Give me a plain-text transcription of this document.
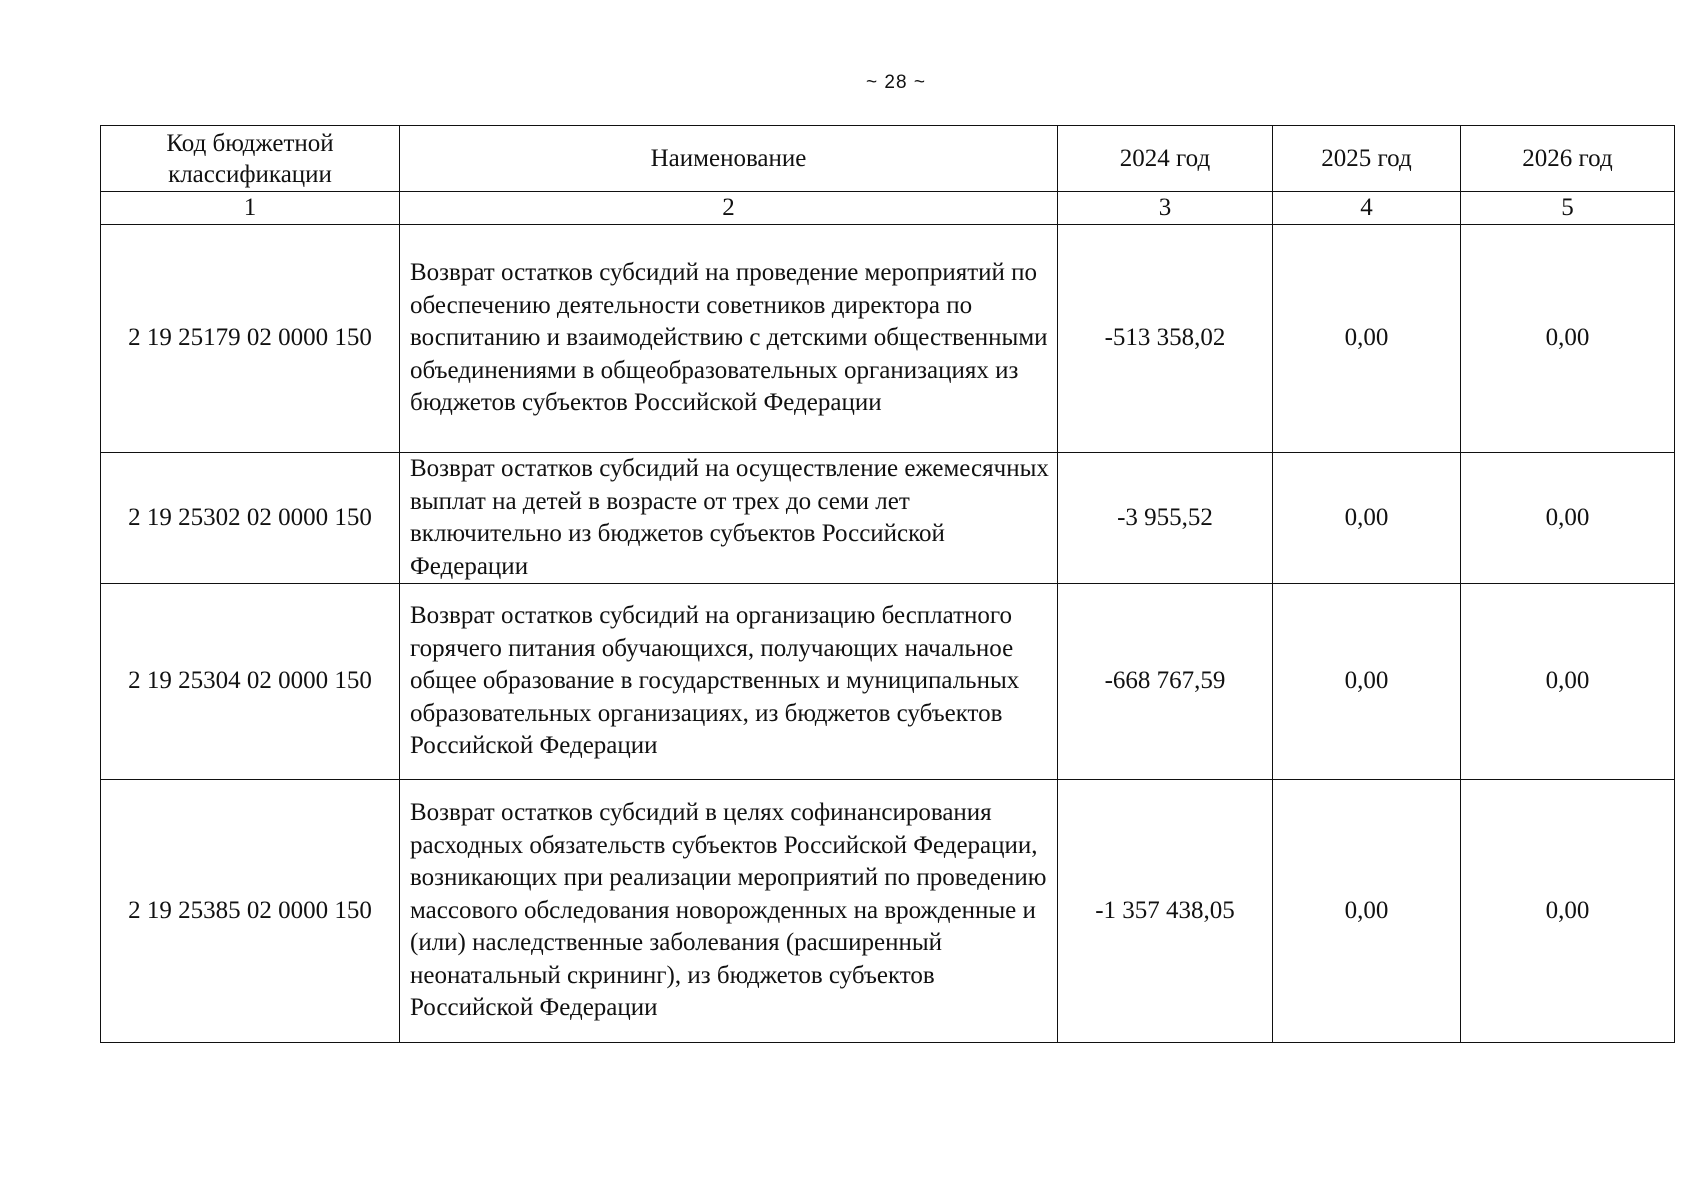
~ 28 ~
Код бюджетной классификации	Наименование	2024 год	2025 год	2026 год
1	2	3	4	5
2 19 25179 02 0000 150	Возврат остатков субсидий на проведение мероприятий по обеспечению деятельности советников директора по воспитанию и взаимодействию с детскими общественными объединениями в общеобразовательных организациях из бюджетов субъектов Российской Федерации	-513 358,02	0,00	0,00
2 19 25302 02 0000 150	Возврат остатков субсидий на осуществление ежемесячных выплат на детей в возрасте от трех до семи лет включительно из бюджетов субъектов Российской Федерации	-3 955,52	0,00	0,00
2 19 25304 02 0000 150	Возврат остатков субсидий на организацию бесплатного горячего питания обучающихся, получающих начальное общее образование в государственных и муниципальных образовательных организациях, из бюджетов субъектов Российской Федерации	-668 767,59	0,00	0,00
2 19 25385 02 0000 150	Возврат остатков субсидий в целях софинансирования расходных обязательств субъектов Российской Федерации, возникающих при реализации мероприятий по проведению массового обследования новорожденных на врожденные и (или) наследственные заболевания (расширенный неонатальный скрининг), из бюджетов субъектов Российской Федерации	-1 357 438,05	0,00	0,00
